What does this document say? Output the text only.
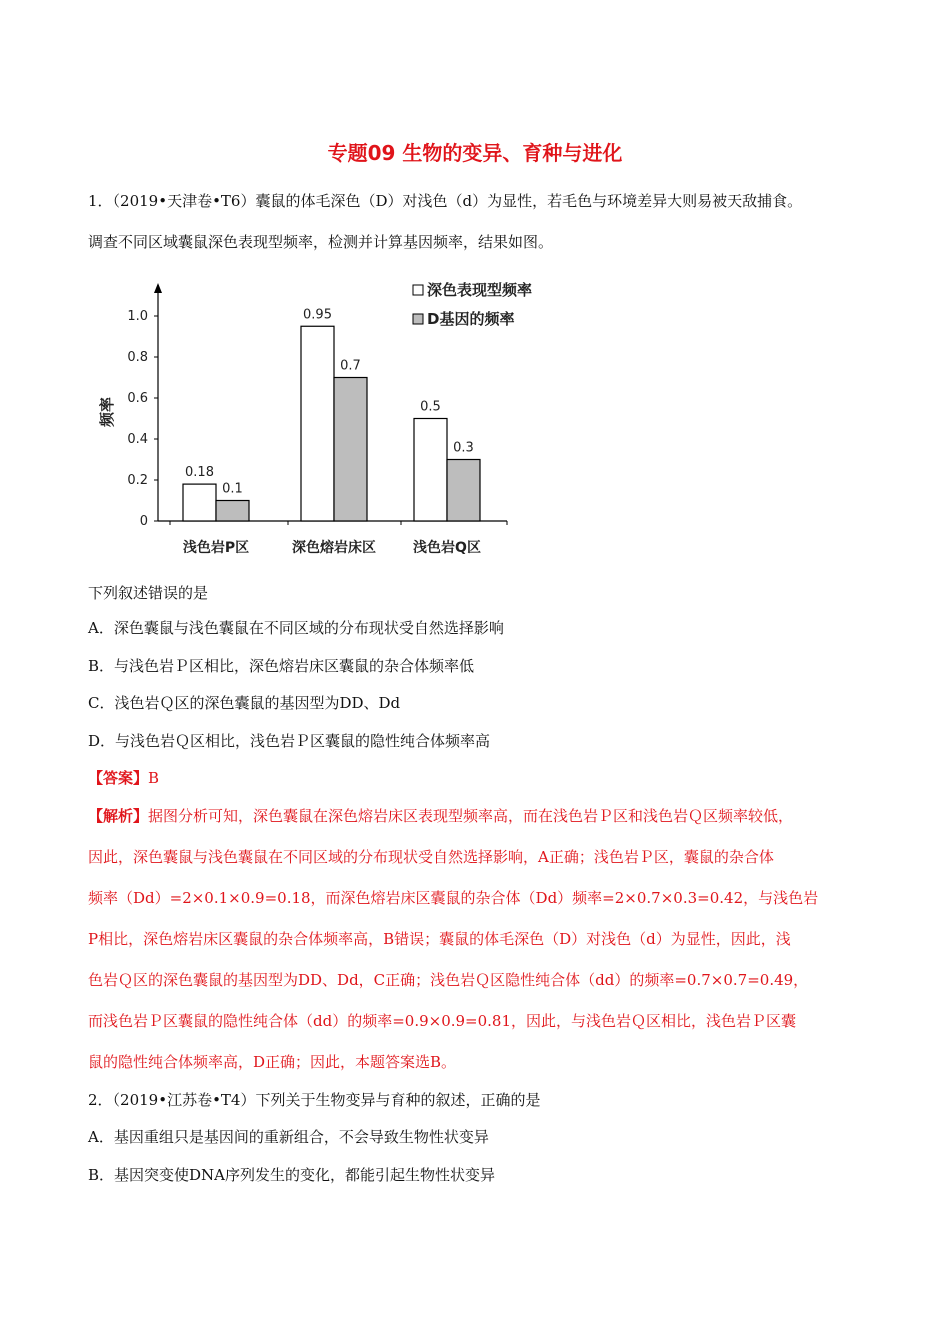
专题09 生物的变异、育种与进化
1．（2019•天津卷•T6）囊鼠的体毛深色（D）对浅色（d）为显性，若毛色与环境差异大则易被天敌捕食。
调查不同区域囊鼠深色表现型频率，检测并计算基因频率，结果如图。
0
0.2
0.4
0.6
0.8
1.0
频率
0.18
0.1
浅色岩P区
0.95
0.7
深色熔岩床区
0.5
0.3
浅色岩Q区
深色表现型频率
D基因的频率
下列叙述错误的是
A．深色囊鼠与浅色囊鼠在不同区域的分布现状受自然选择影响
B．与浅色岩Ｐ区相比，深色熔岩床区囊鼠的杂合体频率低
C．浅色岩Ｑ区的深色囊鼠的基因型为DD、Dd
D．与浅色岩Ｑ区相比，浅色岩Ｐ区囊鼠的隐性纯合体频率高
【答案】B
【解析】据图分析可知，深色囊鼠在深色熔岩床区表现型频率高，而在浅色岩Ｐ区和浅色岩Ｑ区频率较低，
因此，深色囊鼠与浅色囊鼠在不同区域的分布现状受自然选择影响，A正确；浅色岩Ｐ区，囊鼠的杂合体
频率（Dd）=2×0.1×0.9=0.18，而深色熔岩床区囊鼠的杂合体（Dd）频率=2×0.7×0.3=0.42，与浅色岩
P相比，深色熔岩床区囊鼠的杂合体频率高，B错误；囊鼠的体毛深色（D）对浅色（d）为显性，因此，浅
色岩Ｑ区的深色囊鼠的基因型为DD、Dd，C正确；浅色岩Ｑ区隐性纯合体（dd）的频率=0.7×0.7=0.49，
而浅色岩Ｐ区囊鼠的隐性纯合体（dd）的频率=0.9×0.9=0.81，因此，与浅色岩Ｑ区相比，浅色岩Ｐ区囊
鼠的隐性纯合体频率高，D正确；因此，本题答案选B。
2．（2019•江苏卷•T4）下列关于生物变异与育种的叙述，正确的是
A．基因重组只是基因间的重新组合，不会导致生物性状变异
B．基因突变使DNA序列发生的变化，都能引起生物性状变异
